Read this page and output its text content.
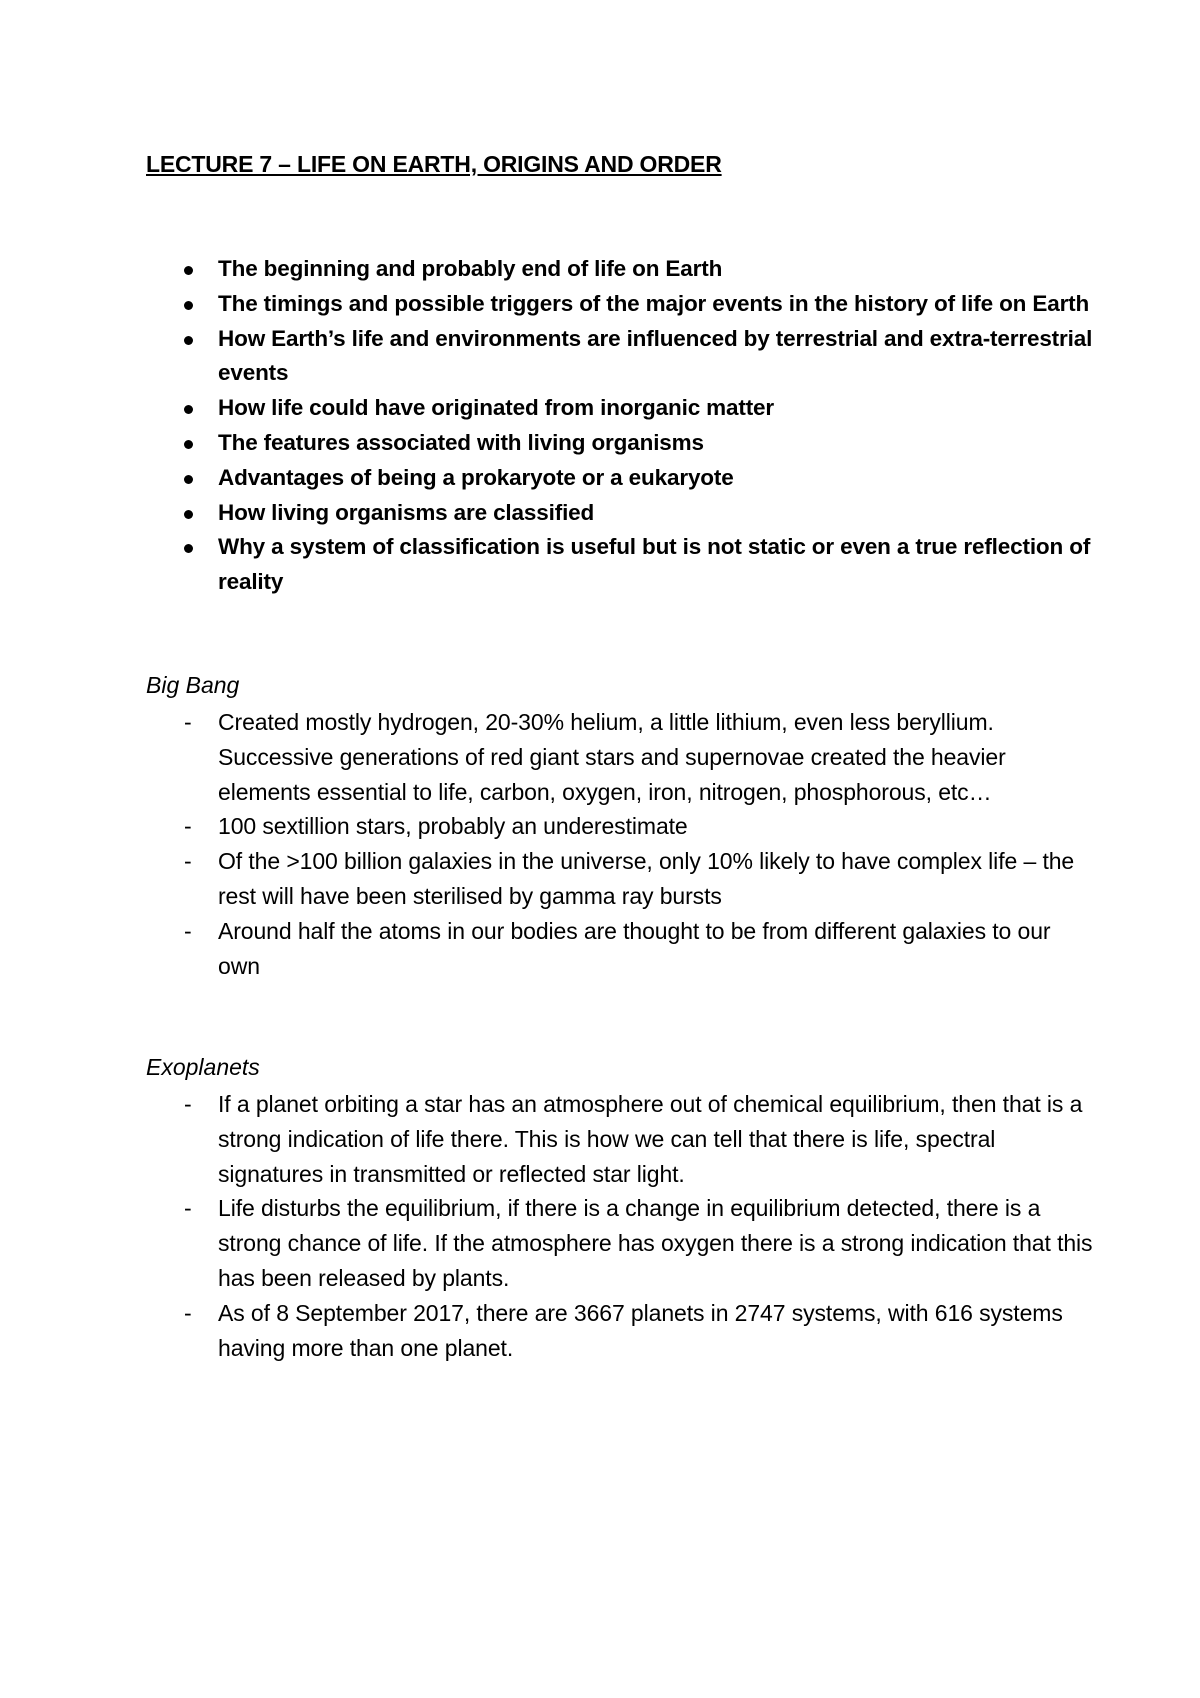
LECTURE 7 – LIFE ON EARTH, ORIGINS AND ORDER
The beginning and probably end of life on Earth
The timings and possible triggers of the major events in the history of life on Earth
How Earth’s life and environments are influenced by terrestrial and extra-terrestrial events
How life could have originated from inorganic matter
The features associated with living organisms
Advantages of being a prokaryote or a eukaryote
How living organisms are classified
Why a system of classification is useful but is not static or even a true reflection of reality
Big Bang
- Created mostly hydrogen, 20-30% helium, a little lithium, even less beryllium. Successive generations of red giant stars and supernovae created the heavier elements essential to life, carbon, oxygen, iron, nitrogen, phosphorous, etc…
- 100 sextillion stars, probably an underestimate
- Of the >100 billion galaxies in the universe, only 10% likely to have complex life – the rest will have been sterilised by gamma ray bursts
- Around half the atoms in our bodies are thought to be from different galaxies to our own
Exoplanets
- If a planet orbiting a star has an atmosphere out of chemical equilibrium, then that is a strong indication of life there. This is how we can tell that there is life, spectral signatures in transmitted or reflected star light.
- Life disturbs the equilibrium, if there is a change in equilibrium detected, there is a strong chance of life. If the atmosphere has oxygen there is a strong indication that this has been released by plants.
- As of 8 September 2017, there are 3667 planets in 2747 systems, with 616 systems having more than one planet.
